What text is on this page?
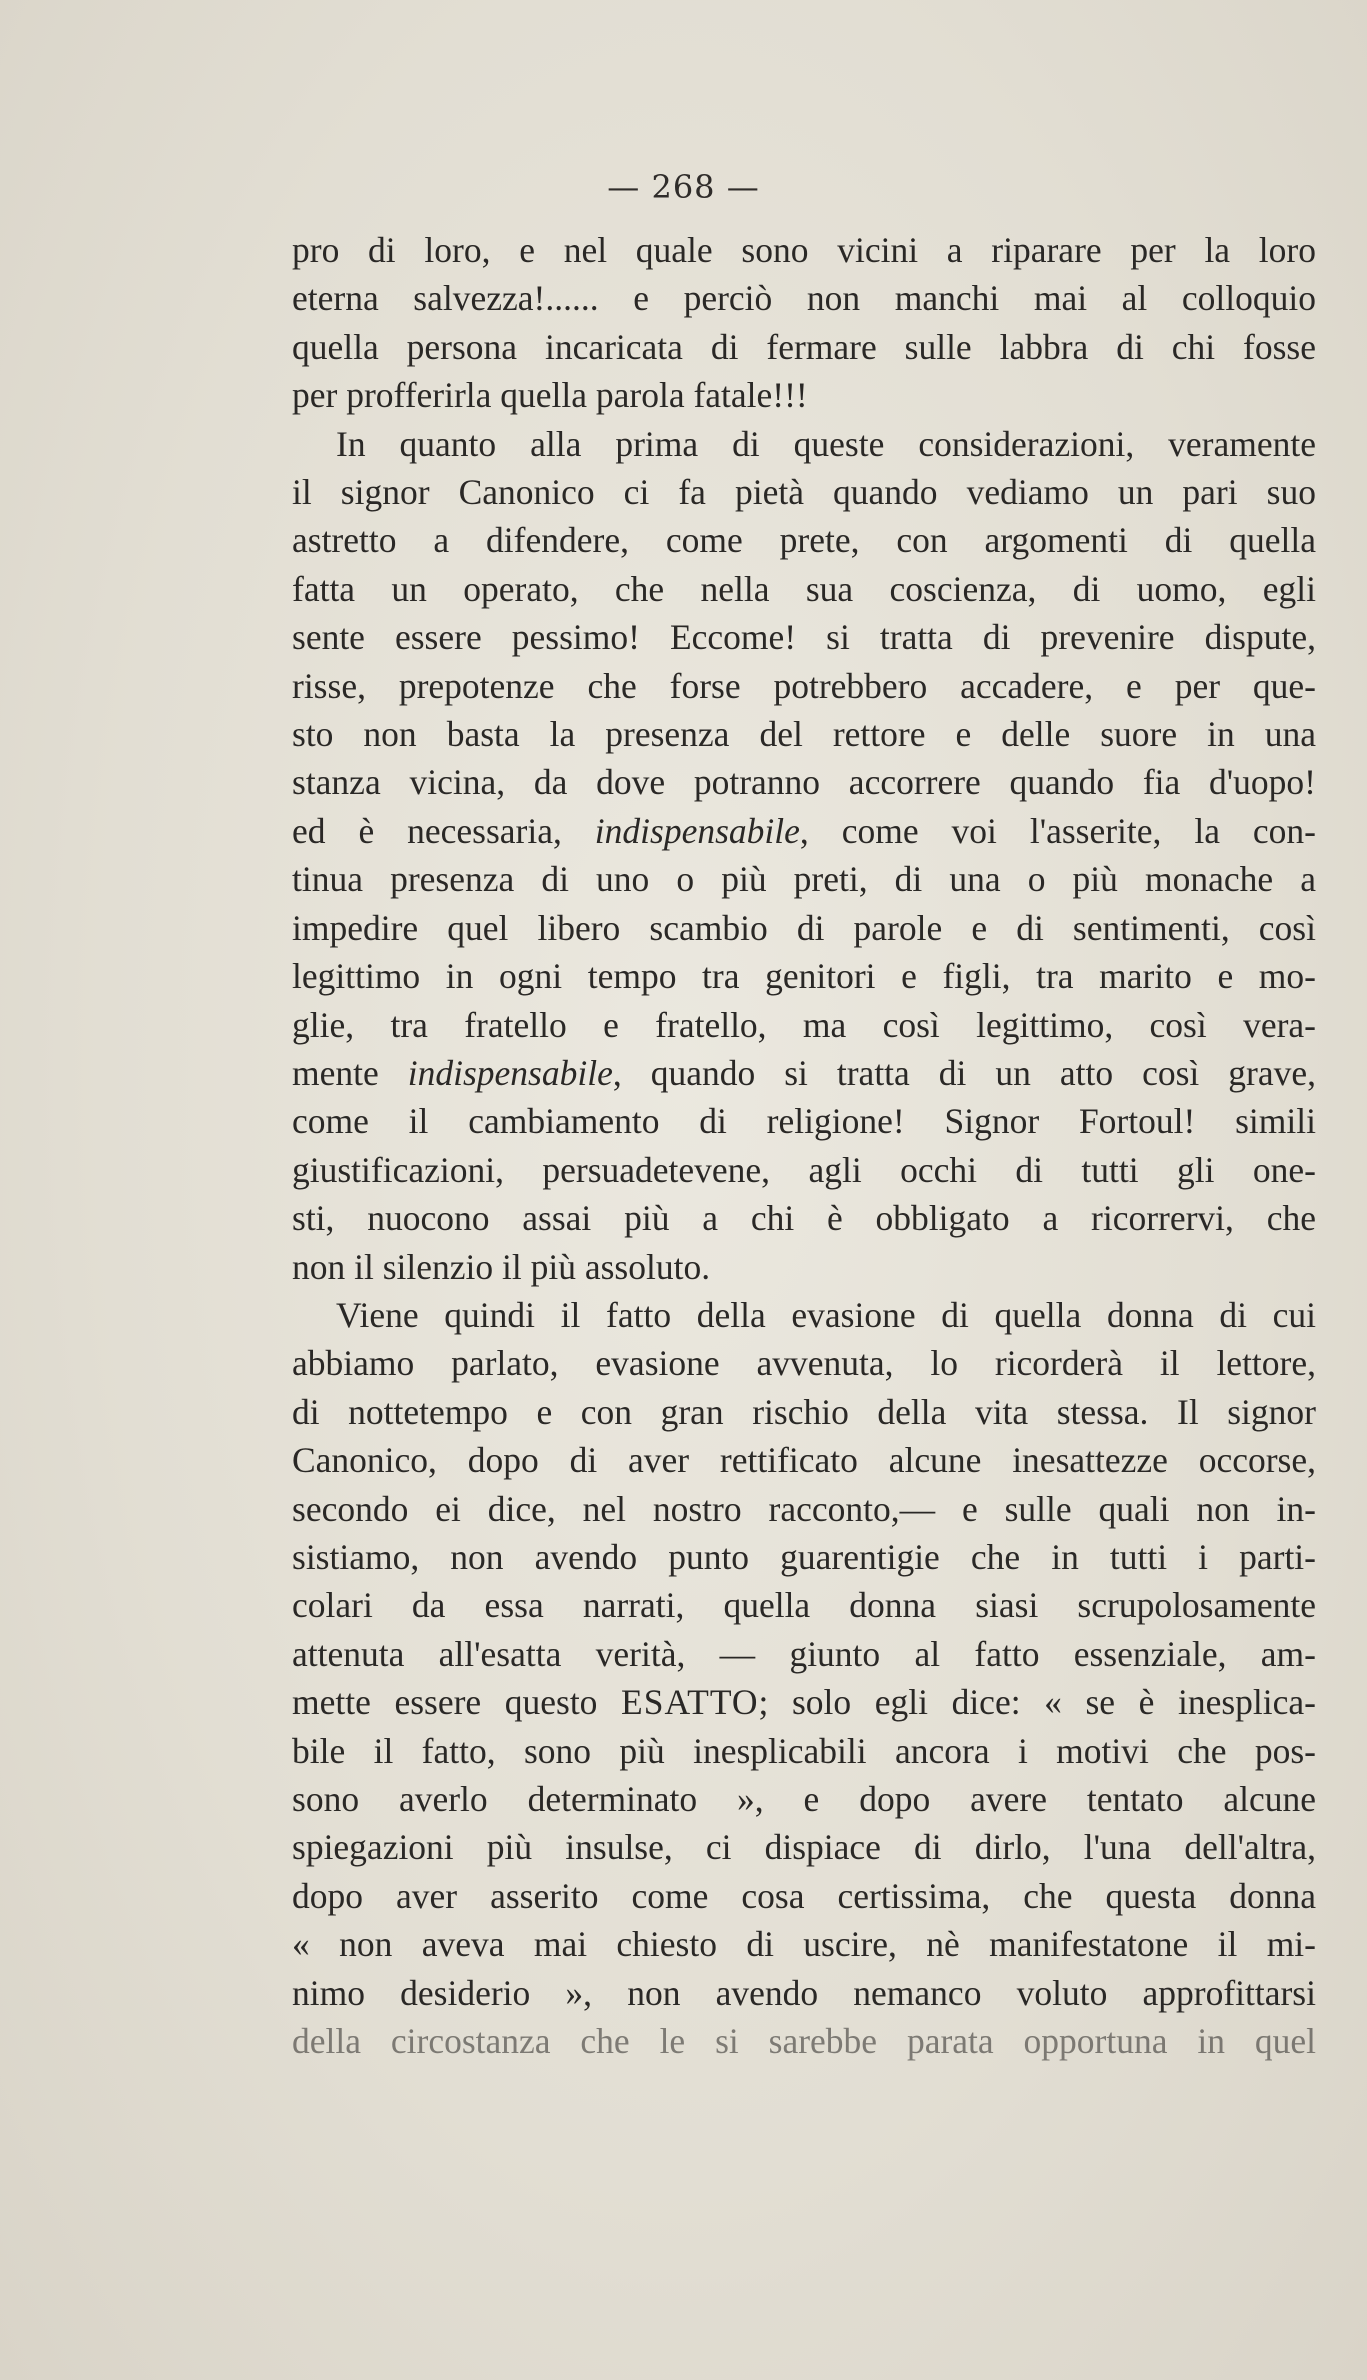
— 268 —

pro di loro, e nel quale sono vicini a riparare per la loro

eterna salvezza!...... e perciò non manchi mai al colloquio

quella persona incaricata di fermare sulle labbra di chi fosse

per profferirla quella parola fatale!!!

In quanto alla prima di queste considerazioni, veramente

il signor Canonico ci fa pietà quando vediamo un pari suo

astretto a difendere, come prete, con argomenti di quella

fatta un operato, che nella sua coscienza, di uomo, egli

sente essere pessimo! Eccome! si tratta di prevenire dispute,

risse, prepotenze che forse potrebbero accadere, e per que-

sto non basta la presenza del rettore e delle suore in una

stanza vicina, da dove potranno accorrere quando fia d'uopo!

ed è necessaria, indispensabile, come voi l'asserite, la con-

tinua presenza di uno o più preti, di una o più monache a

impedire quel libero scambio di parole e di sentimenti, così

legittimo in ogni tempo tra genitori e figli, tra marito e mo-

glie, tra fratello e fratello, ma così legittimo, così vera-

mente indispensabile, quando si tratta di un atto così grave,

come il cambiamento di religione! Signor Fortoul! simili

giustificazioni, persuadetevene, agli occhi di tutti gli one-

sti, nuocono assai più a chi è obbligato a ricorrervi, che

non il silenzio il più assoluto.

Viene quindi il fatto della evasione di quella donna di cui

abbiamo parlato, evasione avvenuta, lo ricorderà il lettore,

di nottetempo e con gran rischio della vita stessa. Il signor

Canonico, dopo di aver rettificato alcune inesattezze occorse,

secondo ei dice, nel nostro racconto,— e sulle quali non in-

sistiamo, non avendo punto guarentigie che in tutti i parti-

colari da essa narrati, quella donna siasi scrupolosamente

attenuta all'esatta verità, — giunto al fatto essenziale, am-

mette essere questo ESATTO; solo egli dice: « se è inesplica-

bile il fatto, sono più inesplicabili ancora i motivi che pos-

sono averlo determinato », e dopo avere tentato alcune

spiegazioni più insulse, ci dispiace di dirlo, l'una dell'altra,

dopo aver asserito come cosa certissima, che questa donna

« non aveva mai chiesto di uscire, nè manifestatone il mi-

nimo desiderio », non avendo nemanco voluto approfittarsi

della circostanza che le si sarebbe parata opportuna in quel
